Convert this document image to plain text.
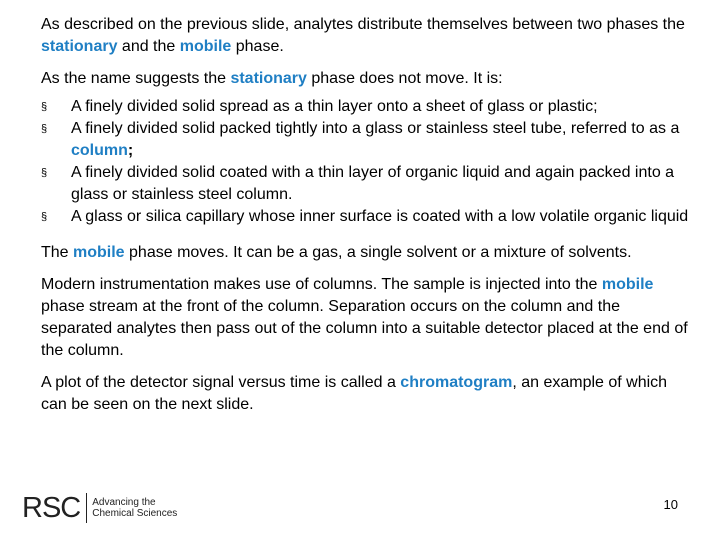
As described on the previous slide, analytes distribute themselves between two phases the stationary and the mobile phase.

As the name suggests the stationary phase does not move. It is:

§	A finely divided solid spread as a thin layer onto a sheet of glass or plastic;
§	A finely divided solid packed tightly into a glass or stainless steel tube, referred to as a column;
§	A finely divided solid coated with a thin layer of organic liquid and again packed into a glass or stainless steel column.
§	A glass or silica capillary whose inner surface is coated with a low volatile organic liquid

The mobile phase moves. It can be a gas, a single solvent or a mixture of solvents.

Modern instrumentation makes use of columns. The sample is injected into the mobile phase stream at the front of the column. Separation occurs on the column and the separated analytes then pass out of the column into a suitable detector placed at the end of the column.

A plot of the detector signal versus time is called a chromatogram, an example of which can be seen on the next slide.

RSC	Advancing the
Chemical Sciences
10
